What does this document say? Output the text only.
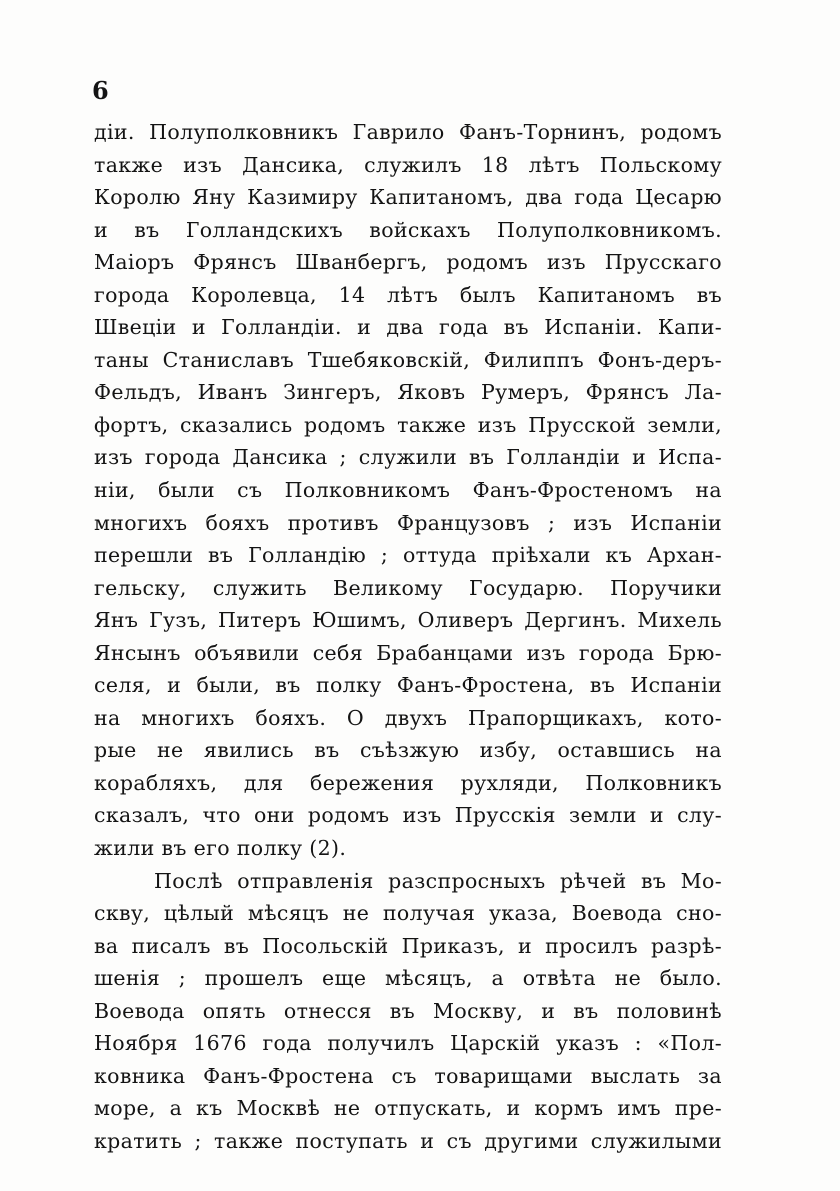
6
дiи. Полуполковникъ Гаврило Фанъ-Торнинъ, родомъ
также изъ Дансика, служилъ 18 лѣтъ Польскому
Королю Яну Казимиру Капитаномъ, два года Цесарю
и въ Голландскихъ войскахъ Полуполковникомъ.
Маiоръ Фрянсъ Шванбергъ, родомъ изъ Прусскаго
города Королевца, 14 лѣтъ былъ Капитаномъ въ
Швецiи и Голландiи. и два года въ Испанiи. Капи-
таны Станиславъ Тшебяковскiй, Филиппъ Фонъ-деръ-
Фельдъ, Иванъ Зингеръ, Яковъ Румеръ, Фрянсъ Ла-
фортъ, сказались родомъ также изъ Прусской земли,
изъ города Дансика ; служили въ Голландiи и Испа-
нiи, были съ Полковникомъ Фанъ-Фростеномъ на
многихъ бояхъ противъ Французовъ ; изъ Испанiи
перешли въ Голландiю ; оттуда прiѣхали къ Архан-
гельску, служить Великому Государю. Поручики
Янъ Гузъ, Питеръ Юшимъ, Оливеръ Дергинъ. Михель
Янсынъ объявили себя Брабанцами изъ города Брю-
селя, и были, въ полку Фанъ-Фростена, въ Испанiи
на многихъ бояхъ. О двухъ Прапорщикахъ, кото-
рые не явились въ съѣзжую избу, оставшись на
корабляхъ, для бережения рухляди, Полковникъ
сказалъ, что они родомъ изъ Прусскiя земли и слу-
жили въ его полку (2).
Послѣ отправленiя разспросныхъ рѣчей въ Мо-
скву, цѣлый мѣсяцъ не получая указа, Воевода сно-
ва писалъ въ Посольскiй Приказъ, и просилъ разрѣ-
шенiя ; прошелъ еще мѣсяцъ, а отвѣта не было.
Воевода опять отнесся въ Москву, и въ половинѣ
Ноября 1676 года получилъ Царскiй указъ : «Пол-
ковника Фанъ-Фростена съ товарищами выслать за
море, а къ Москвѣ не отпускать, и кормъ имъ пре-
кратить ; также поступать и съ другими служилыми
